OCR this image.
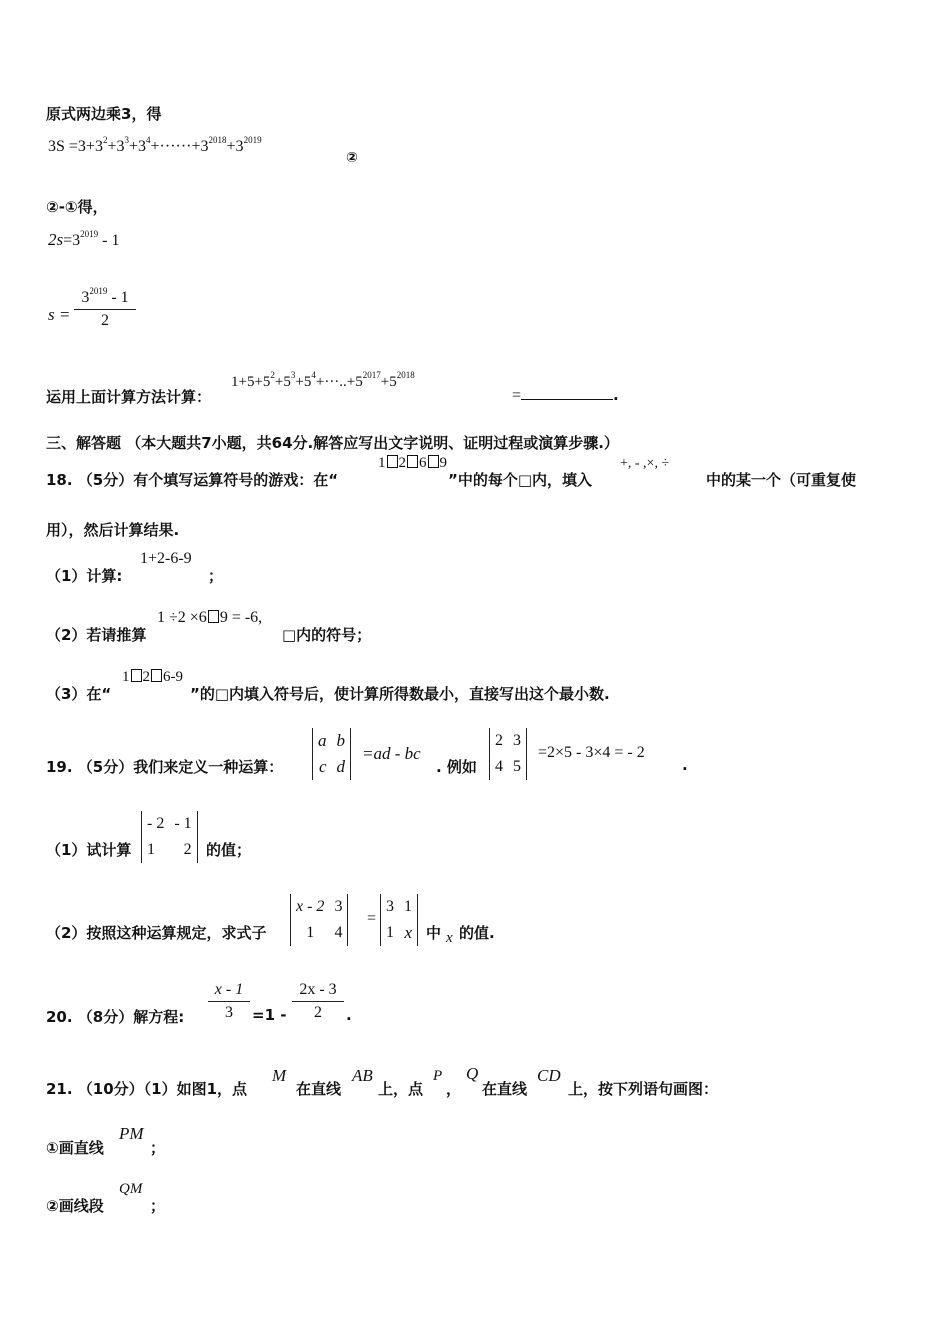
原式两边乘3，得
$3S =3+3^2+3^3+3^4+\cdot\cdot\cdot\cdot\cdot\cdot+3^{2018}+3^{2019}$
②
②-①得，
$2s=3^{2019} - 1$
s =
$3^{2019} - 1$
2
运用上面计算方法计算：
$1+5+5^2+5^3+5^4+\cdot\cdot\cdot..+5^{2017}+5^{2018}$
=	.
三、解答题 （本大题共7小题，共64分.解答应写出文字说明、证明过程或演算步骤.）
18. （5分）有个填写运算符号的游戏：在“
1 2 6 9
”中的每个□内，填入
+, - ,×, ÷
中的某一个（可重复使
用），然后计算结果.
（1）计算:
1+2-6-9
；
（2）若请推算
1 ÷2 ×6 9 = -6,
□内的符号；
（3）在“
1 2 6-9
”的□内填入符号后，使计算所得数最小，直接写出这个最小数.
19. （5分）我们来定义一种运算：
a	b
c	d
=ad - bc
. 例如
2	3
4	5
=2×5 - 3×4 = - 2
.
（1）试计算
- 2	- 1
1	2 的值；
（2）按照这种运算规定，求式子
x - 2	3
1	4
=
3	1
1	x 中 x 的值.
20. （8分）解方程:
x - 1
3	=1 -
2x - 3
2	.
21. （10分）（1）如图1，点
M
在直线
AB
上，点
P
，
Q
在直线
CD
上，按下列语句画图：
①画直线
PM
；
②画线段
QM
；
